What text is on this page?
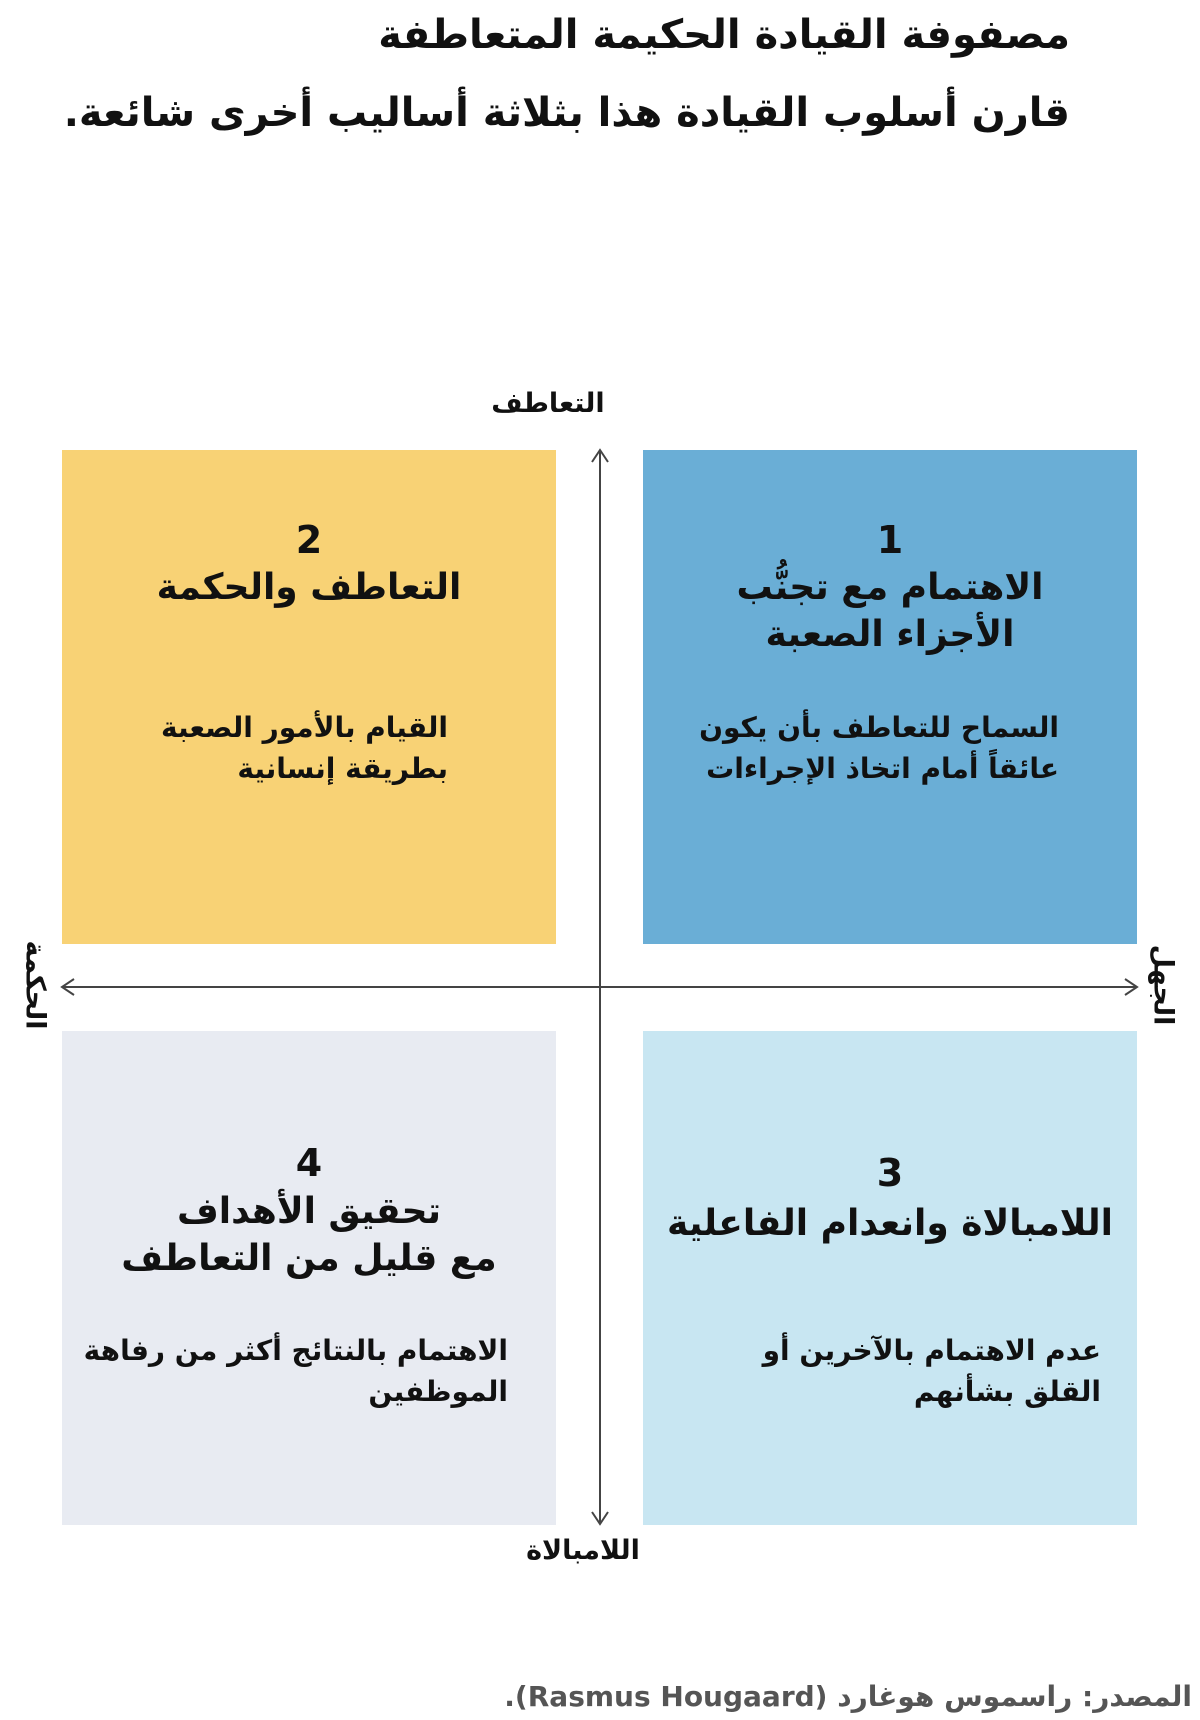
مصفوفة القيادة الحكيمة المتعاطفة
قارن أسلوب القيادة هذا بثلاثة أساليب أخرى شائعة.
التعاطف
2
التعاطف والحكمة
القيام بالأمور الصعبة بطريقة إنسانية
1
الاهتمام مع تجنُّب
الأجزاء الصعبة
السماح للتعاطف بأن يكون عائقاً أمام اتخاذ الإجراءات
4
تحقيق الأهداف
مع قليل من التعاطف
الاهتمام بالنتائج أكثر من رفاهة الموظفين
3
اللامبالاة وانعدام الفاعلية
عدم الاهتمام بالآخرين أو القلق بشأنهم
الحكمة	الجهل
اللامبالاة
المصدر: راسموس هوغارد (Rasmus Hougaard).
